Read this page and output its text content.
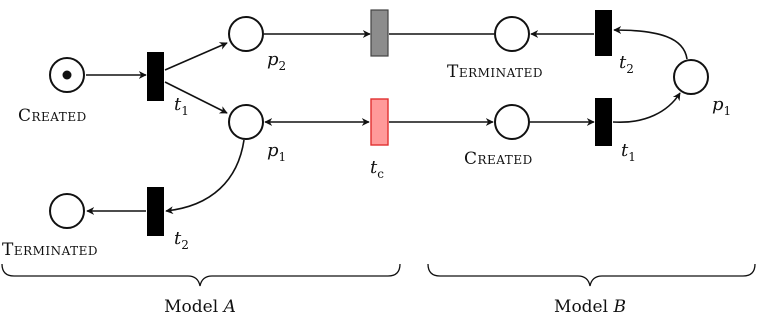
Created
$t_1$
$p_2$
$p_1$
$t_2$
Terminated
$t_c$
Terminated
Created
$t_2$
$t_1$
$p_1$
Model A	Model B
